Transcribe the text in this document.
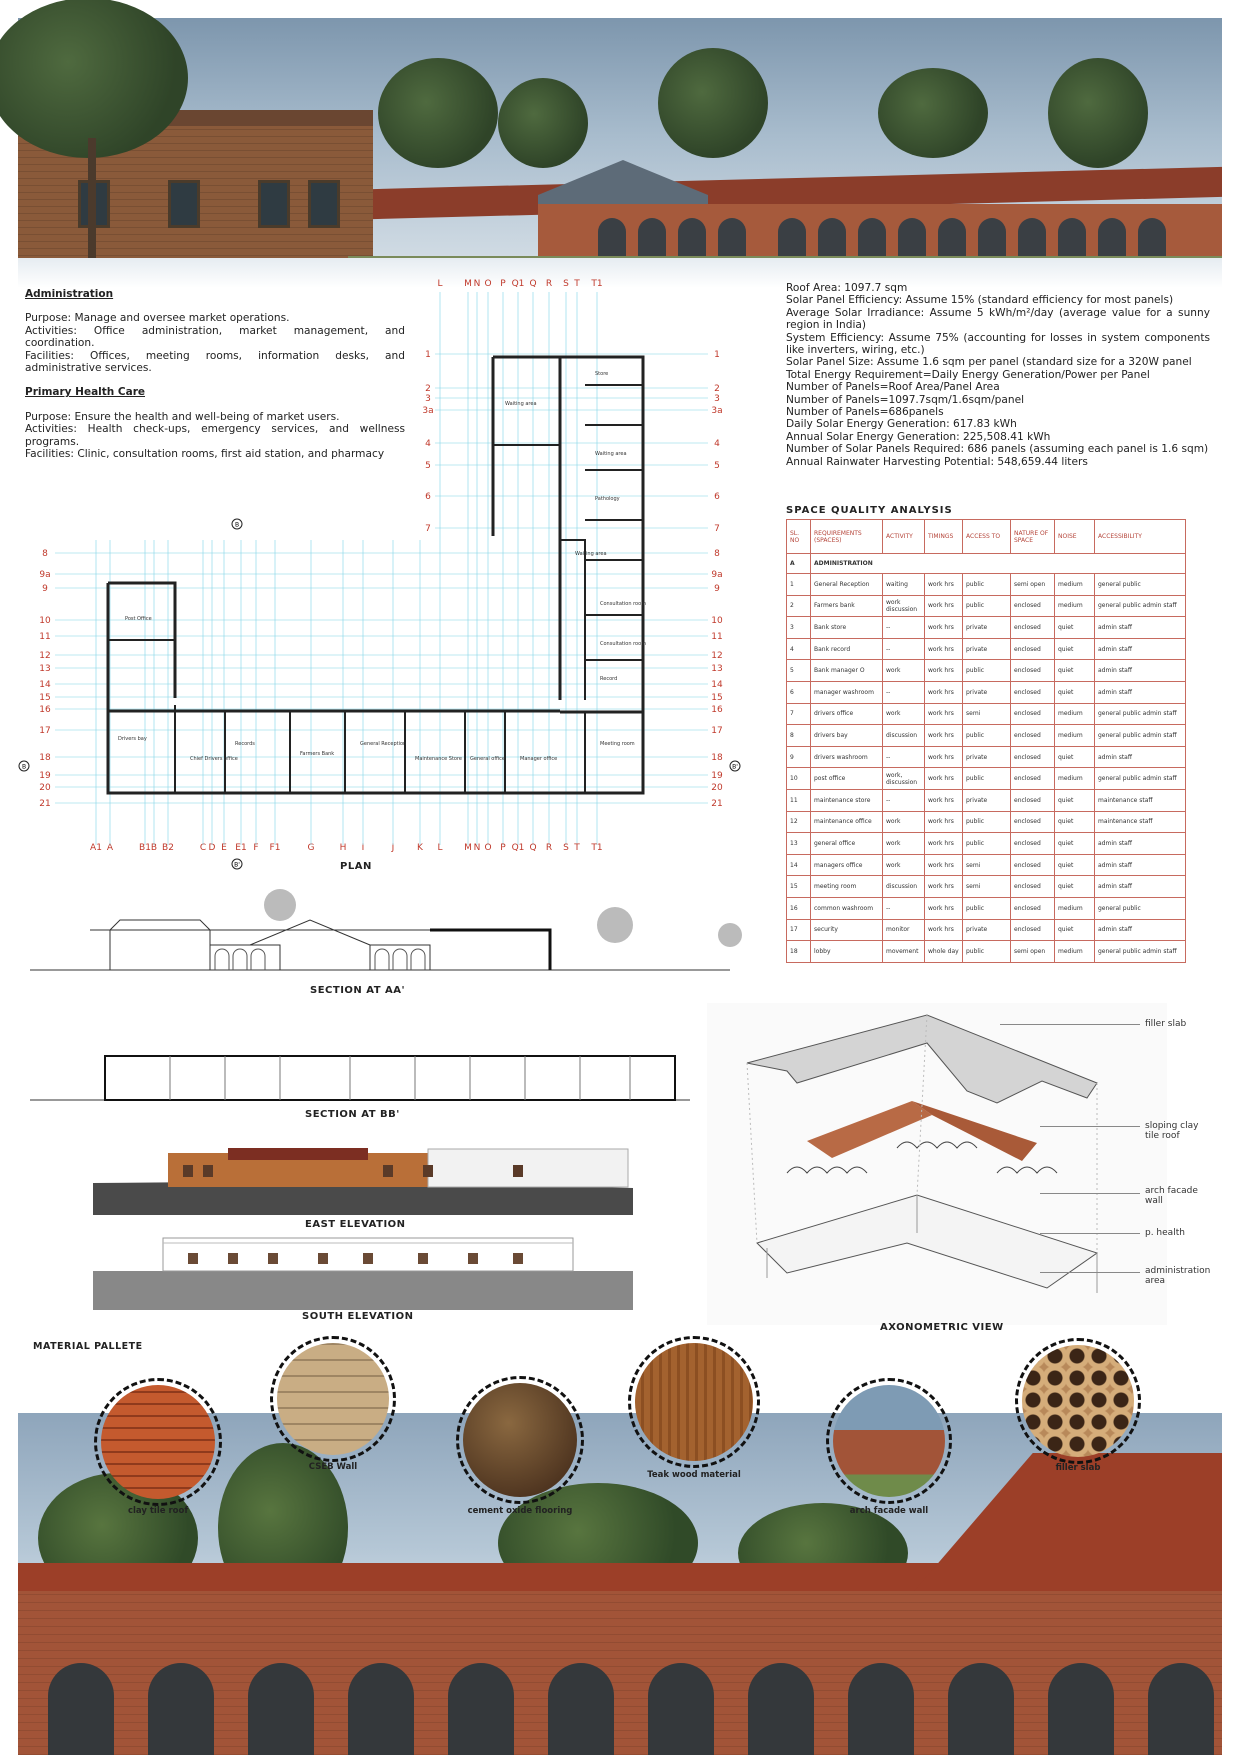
Administration

Purpose: Manage and oversee market operations.

Activities: Office administration, market management, and coordination.

Facilities: Offices, meeting rooms, information desks, and administrative services.

Primary Health Care

Purpose: Ensure the health and well-being of market users.

Activities: Health check-ups, emergency services, and wellness programs.

Facilities: Clinic, consultation rooms, first aid station, and pharmacy

Roof Area: 1097.7 sqm
Solar Panel Efficiency: Assume 15% (standard efficiency for most panels)
Average Solar Irradiance: Assume 5 kWh/m²/day (average value for a sunny region in India)
System Efficiency: Assume 75% (accounting for losses in system components like inverters, wiring, etc.)
Solar Panel Size: Assume 1.6 sqm per panel (standard size for a 320W panel
Total Energy Requirement=Daily Energy Generation/Power per Panel
Number of Panels=Roof Area/Panel Area
Number of Panels=1097.7sqm/1.6sqm/panel
Number of Panels=686panels
Daily Solar Energy Generation: 617.83 kWh
Annual Solar Energy Generation: 225,508.41 kWh
Number of Solar Panels Required: 686 panels (assuming each panel is 1.6 sqm)
Annual Rainwater Harvesting Potential: 548,659.44 liters
L M N O P Q1 Q R S T T1
A1 A	B1 B B2	C D E E1 F F1	G	H I	J	K L M N O P Q1 Q R S T T1
1	1
2	2
3	3
3a	3a
4	4
5	5
6	6
7	7
8	8
9a	9a
9	9
10	10
11	11
12	12
13	13
14	14
15	15
16	16
17	17
18	18
19	19
20	20
21	21
B
B'
B	B'
Post Office
Drivers bay
Chief Drivers office
Records
Farmers Bank
General Reception
Maintenance Store General office	Manager office
Meeting room
Waiting area
Store
Waiting area
Pathology
Waiting area
Consultation room
Consultation room
Record
PLAN
SPACE QUALITY ANALYSIS
SL. NO	REQUIREMENTS (SPACES)	ACTIVITY	TIMINGS	ACCESS TO	NATURE OF SPACE	NOISE	ACCESSIBILITY
A	ADMINISTRATION						
1	General Reception	waiting	work hrs	public	semi open	medium	general public
2	Farmers bank	work discussion	work hrs	public	enclosed	medium	general public admin staff
3	Bank store	--	work hrs	private	enclosed	quiet	admin staff
4	Bank record	--	work hrs	private	enclosed	quiet	admin staff
5	Bank manager O	work	work hrs	public	enclosed	quiet	admin staff
6	manager washroom	--	work hrs	private	enclosed	quiet	admin staff
7	drivers office	work	work hrs	semi	enclosed	medium	general public admin staff
8	drivers bay	discussion	work hrs	public	enclosed	medium	general public admin staff
9	drivers washroom	--	work hrs	private	enclosed	quiet	admin staff
10	post office	work, discussion	work hrs	public	enclosed	medium	general public admin staff
11	maintenance store	--	work hrs	private	enclosed	quiet	maintenance staff
12	maintenance office	work	work hrs	public	enclosed	quiet	maintenance staff
13	general office	work	work hrs	public	enclosed	quiet	admin staff
14	managers office	work	work hrs	semi	enclosed	quiet	admin staff
15	meeting room	discussion	work hrs	semi	enclosed	quiet	admin staff
16	common washroom	--	work hrs	public	enclosed	medium	general public
17	security	monitor	work hrs	private	enclosed	quiet	admin staff
18	lobby	movement	whole day	public	semi open	medium	general public admin staff
SECTION AT AA'
SECTION AT BB'
EAST ELEVATION
SOUTH ELEVATION
filler slab
sloping clay tile roof
arch facade wall
p. health
administration area
AXONOMETRIC VIEW
MATERIAL PALLETE
clay tile roof
CSEB Wall
cement oxide flooring
Teak wood material
arch facade wall
filler slab
